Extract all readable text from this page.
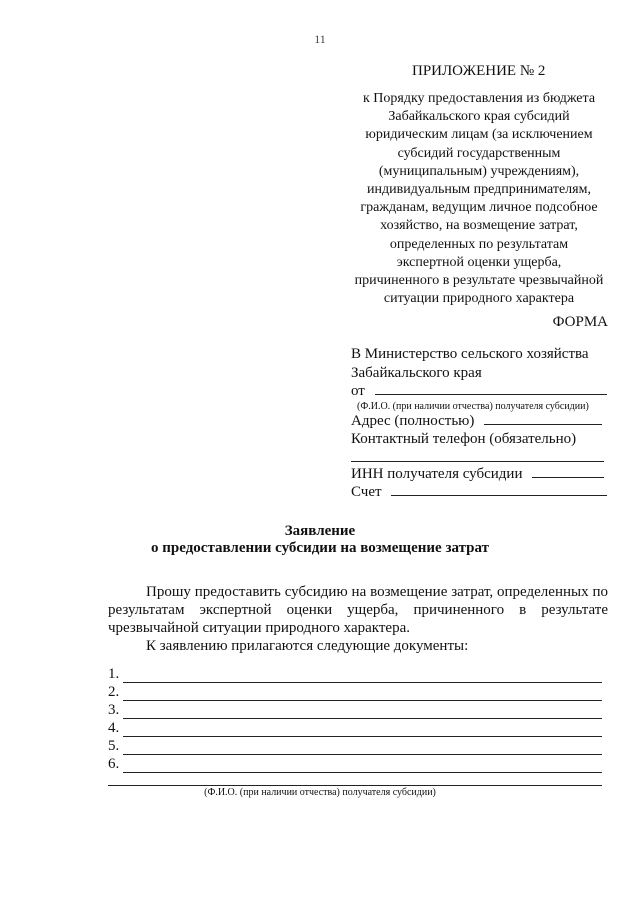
11
ПРИЛОЖЕНИЕ № 2
к Порядку предоставления из бюджета
Забайкальского края субсидий
юридическим лицам (за исключением
субсидий государственным
(муниципальным) учреждениям),
индивидуальным предпринимателям,
гражданам, ведущим личное подсобное
хозяйство, на возмещение затрат,
определенных по результатам
экспертной оценки ущерба,
причиненного в результате чрезвычайной
ситуации природного характера
ФОРМА
В Министерство сельского хозяйства
Забайкальского края
от
(Ф.И.О. (при наличии отчества) получателя субсидии)
Адрес (полностью)
Контактный телефон (обязательно)
ИНН получателя субсидии
Счет
Заявление
о предоставлении субсидии на возмещение затрат
Прошу предоставить субсидию на возмещение затрат, определенных по результатам экспертной оценки ущерба, причиненного в результате чрезвычайной ситуации природного характера.
К заявлению прилагаются следующие документы:
1.
2.
3.
4.
5.
6.
(Ф.И.О. (при наличии отчества) получателя субсидии)
